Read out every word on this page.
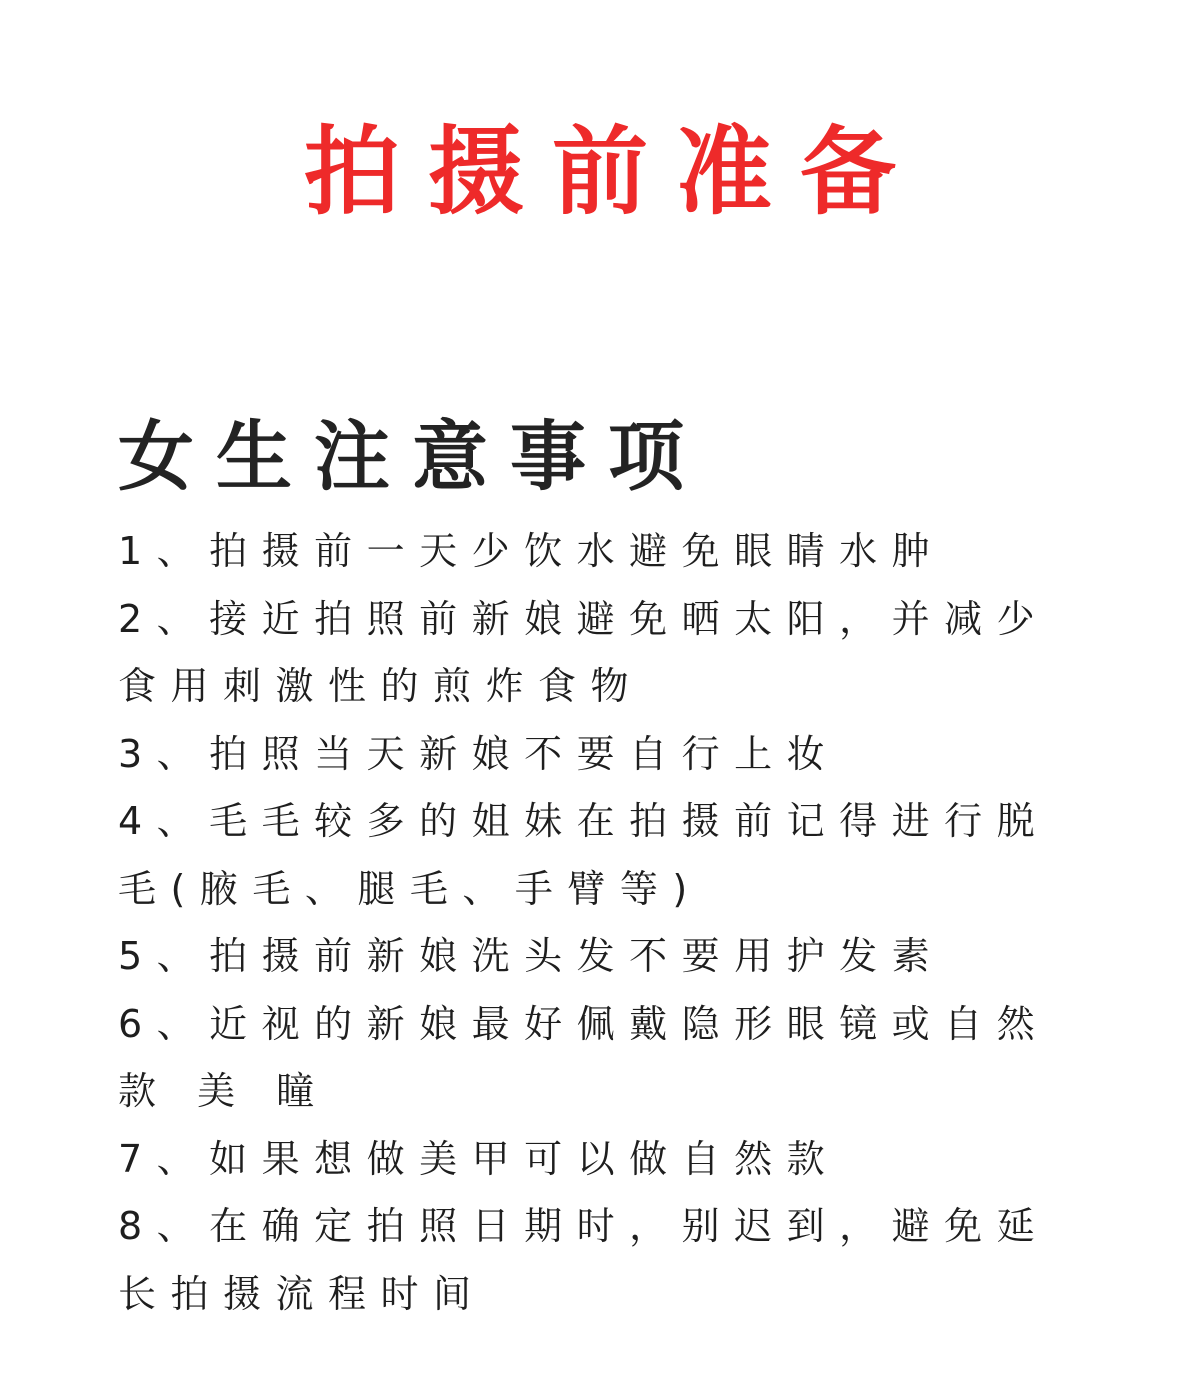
拍摄前准备
女生注意事项
1、拍摄前一天少饮水避免眼睛水肿
2、接近拍照前新娘避免晒太阳，并减少食用刺激性的煎炸食物
3、拍照当天新娘不要自行上妆
4、毛毛较多的姐妹在拍摄前记得进行脱毛(腋毛、腿毛、手臂等)
5、拍摄前新娘洗头发不要用护发素
6、近视的新娘最好佩戴隐形眼镜或自然款 美 瞳
7、如果想做美甲可以做自然款
8、在确定拍照日期时，别迟到，避免延长拍摄流程时间
